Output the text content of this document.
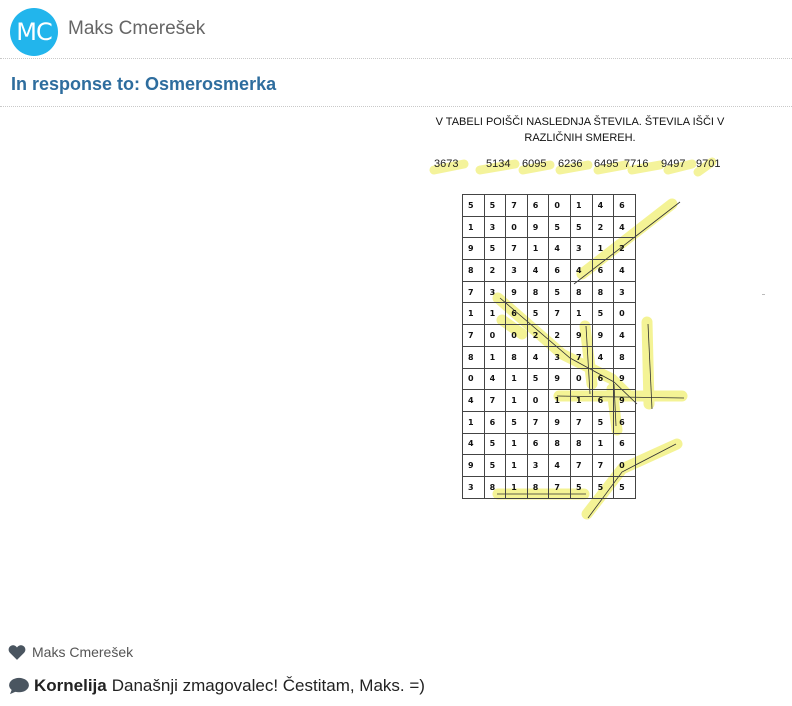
MC Maks Cmerešek
In response to: Osmerosmerka
V TABELI POIŠČI NASLEDNJA ŠTEVILA. ŠTEVILA IŠČI V
RAZLIČNIH SMEREH.
3673	5134 6095 6236 6495 7716 9497 9701
5	5	7	6	0	1	4	6
1	3	0	9	5	5	2	4
9	5	7	1	4	3	1	2
8	2	3	4	6	4	6	4
7	3	9	8	5	8	8	3
1	1	6	5	7	1	5	0
7	0	0	2	2	9	9	4
8	1	8	4	3	7	4	8
0	4	1	5	9	0	6	9
4	7	1	0	1	1	6	9
1	6	5	7	9	7	5	6
4	5	1	6	8	8	1	6
9	5	1	3	4	7	7	0
3	8	1	8	7	5	5	5
Maks Cmerešek
Kornelija Današnji zmagovalec! Čestitam, Maks. =)
